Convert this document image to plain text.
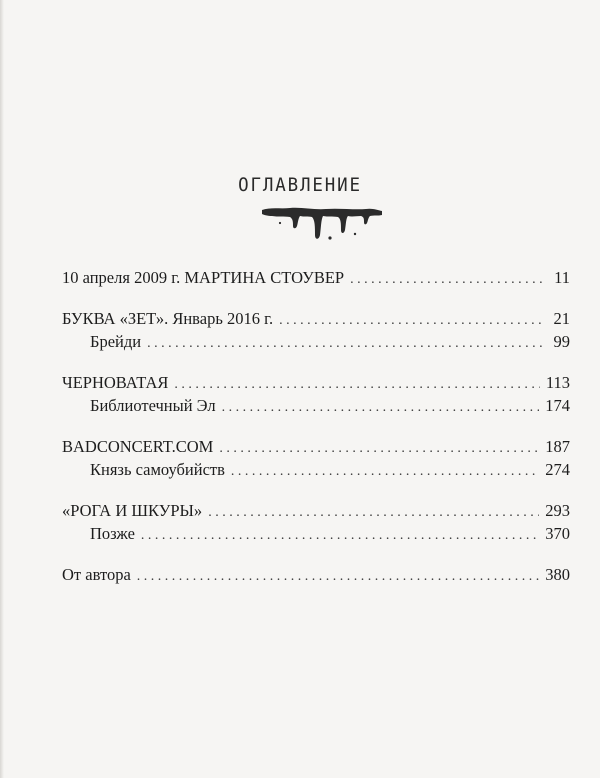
ОГЛАВЛЕНИЕ
10 апреля 2009 г. МАРТИНА СТОУВЕР . . .	11
БУКВА «ЗЕТ». Январь 2016 г. . . .	21
Брейди . . .	99
ЧЕРНОВАТАЯ . . .	113
Библиотечный Эл . . .	174
BADCONCERT.COM . . .	187
Князь самоубийств . . .	274
«РОГА И ШКУРЫ» . . .	293
Позже . . .	370
От автора . . .	380
